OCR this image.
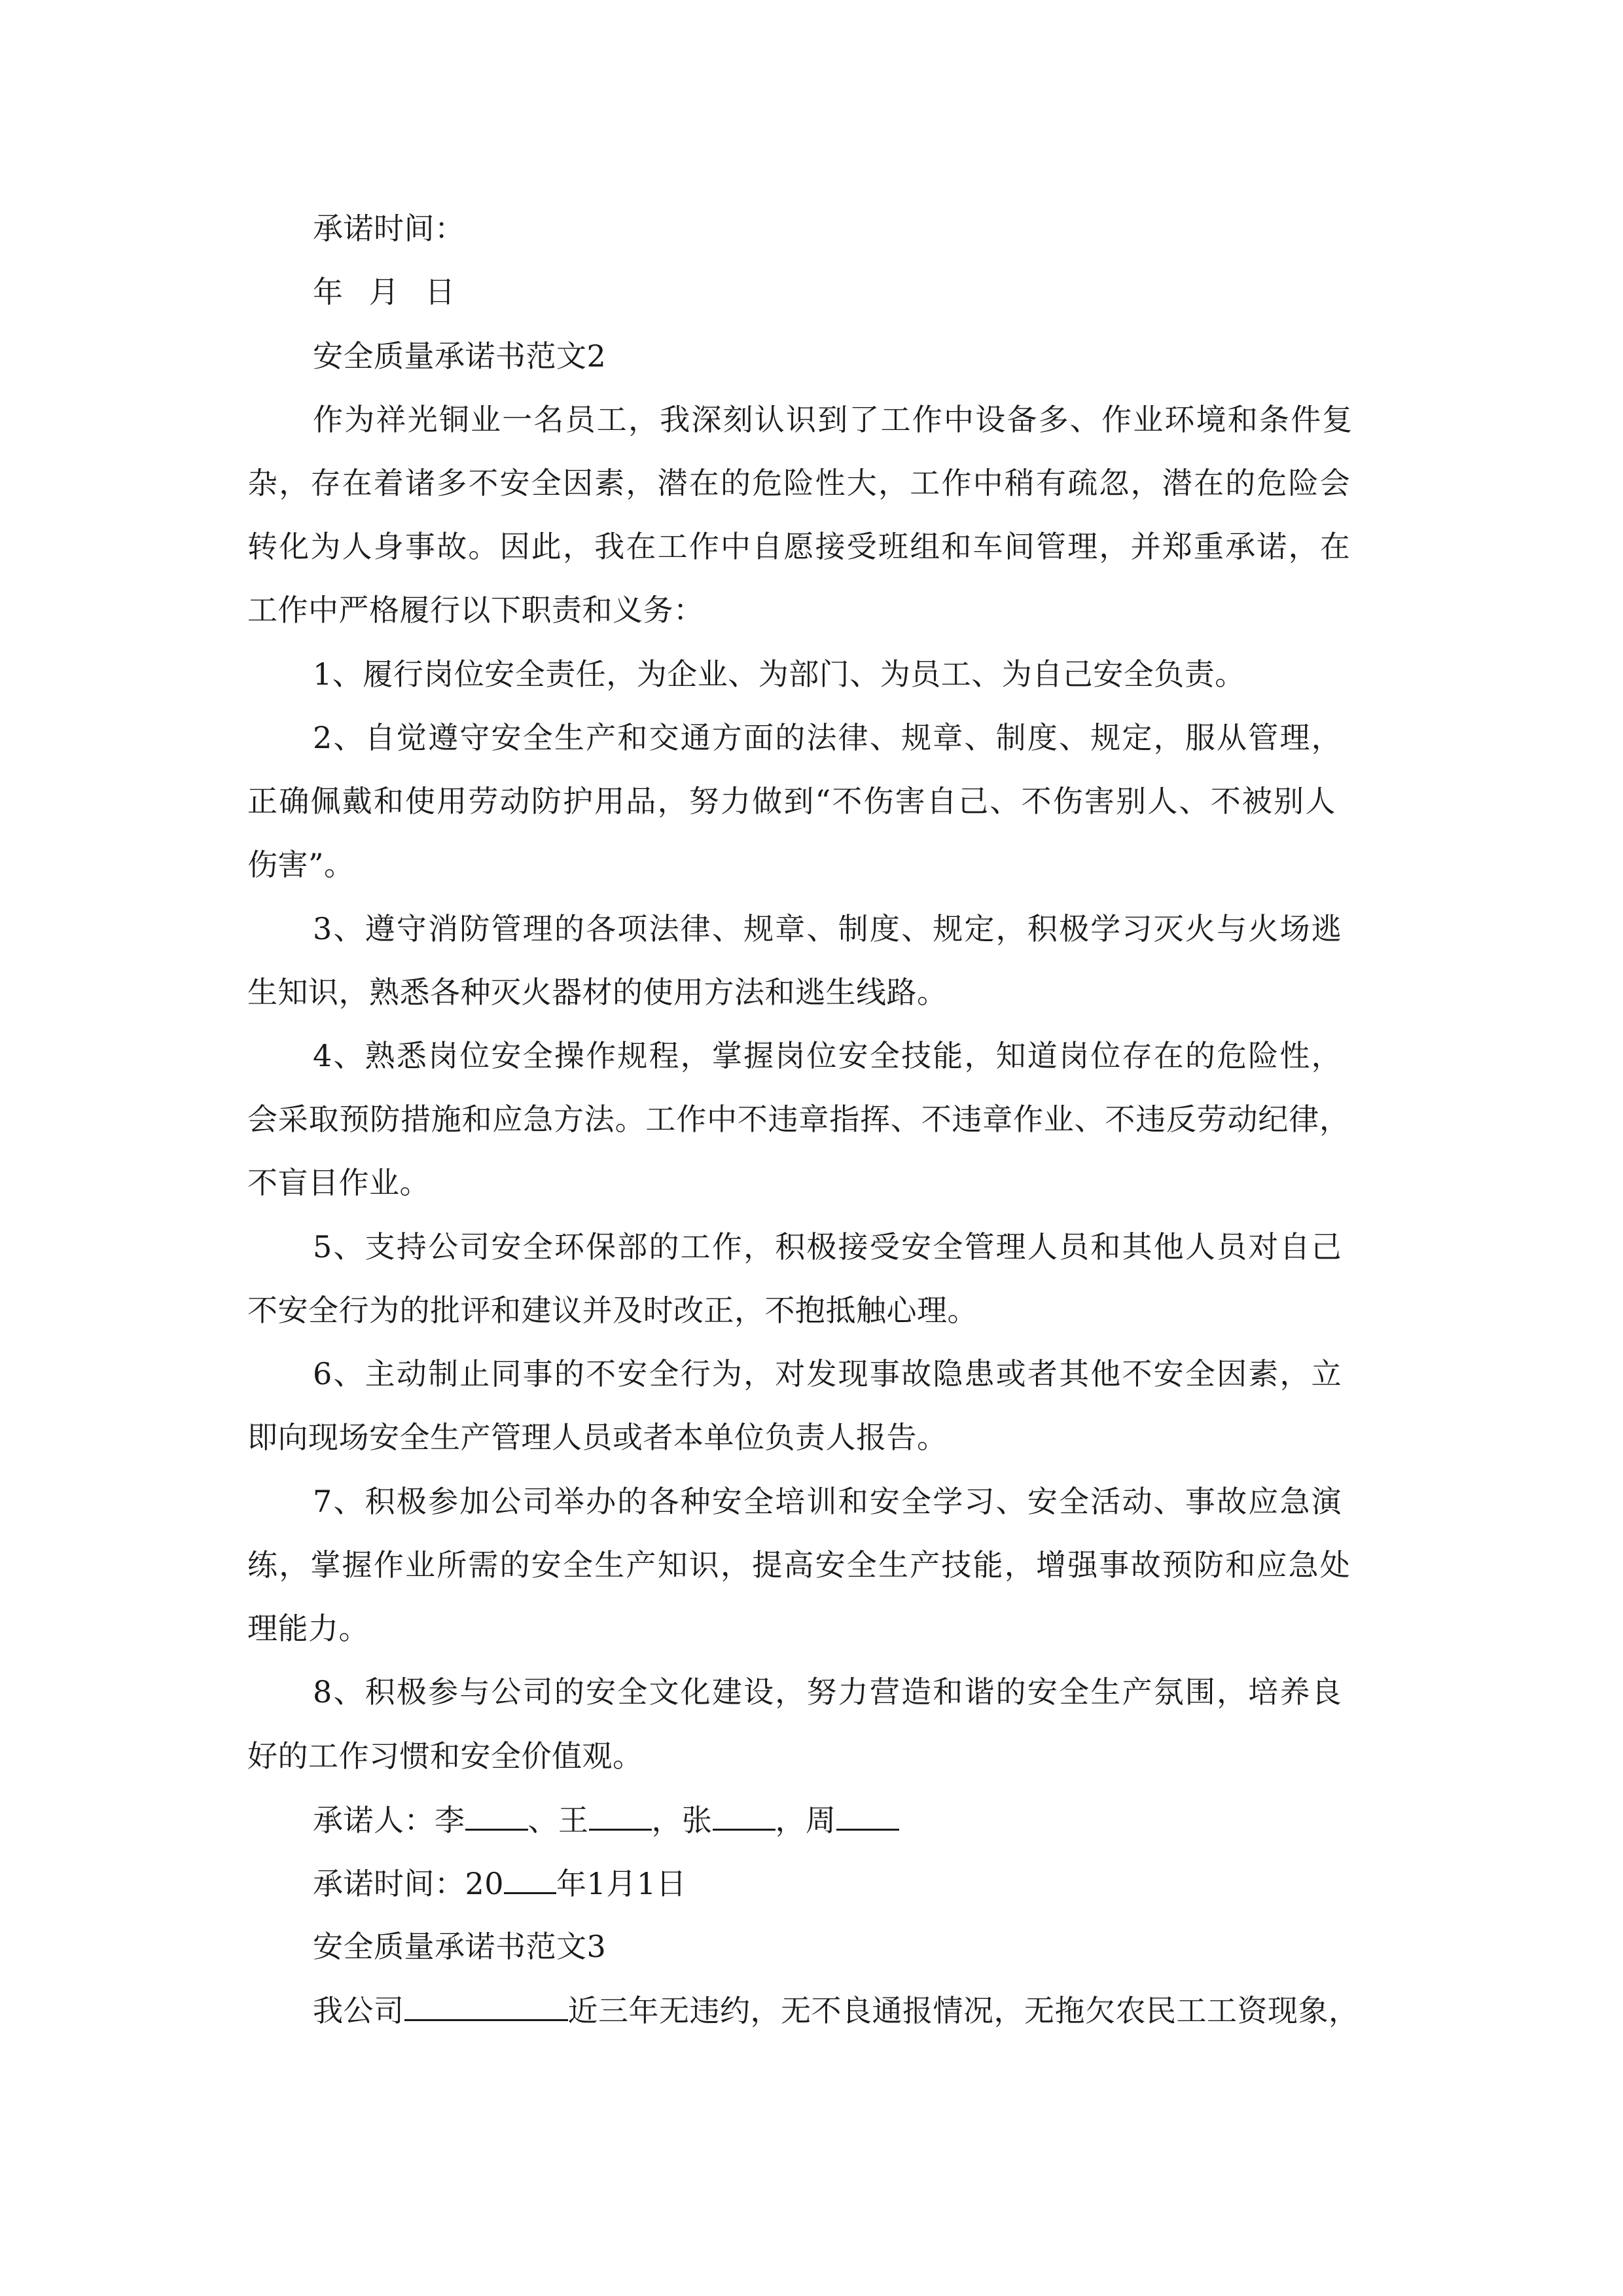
承诺时间：
年 月 日
安全质量承诺书范文2
作为祥光铜业一名员工，我深刻认识到了工作中设备多、作业环境和条件复
杂，存在着诸多不安全因素，潜在的危险性大，工作中稍有疏忽，潜在的危险会
转化为人身事故。因此，我在工作中自愿接受班组和车间管理，并郑重承诺，在
工作中严格履行以下职责和义务：
1、履行岗位安全责任，为企业、为部门、为员工、为自己安全负责。
2、自觉遵守安全生产和交通方面的法律、规章、制度、规定，服从管理，
正确佩戴和使用劳动防护用品，努力做到“不伤害自己、不伤害别人、不被别人
伤害”。
3、遵守消防管理的各项法律、规章、制度、规定，积极学习灭火与火场逃
生知识，熟悉各种灭火器材的使用方法和逃生线路。
4、熟悉岗位安全操作规程，掌握岗位安全技能，知道岗位存在的危险性，
会采取预防措施和应急方法。工作中不违章指挥、不违章作业、不违反劳动纪律，
不盲目作业。
5、支持公司安全环保部的工作，积极接受安全管理人员和其他人员对自己
不安全行为的批评和建议并及时改正，不抱抵触心理。
6、主动制止同事的不安全行为，对发现事故隐患或者其他不安全因素，立
即向现场安全生产管理人员或者本单位负责人报告。
7、积极参加公司举办的各种安全培训和安全学习、安全活动、事故应急演
练，掌握作业所需的安全生产知识，提高安全生产技能，增强事故预防和应急处
理能力。
8、积极参与公司的安全文化建设，努力营造和谐的安全生产氛围，培养良
好的工作习惯和安全价值观。
承诺人：李 、王 ，张 ，周
承诺时间：20 年1月1日
安全质量承诺书范文3
我公司	近三年无违约，无不良通报情况，无拖欠农民工工资现象，
